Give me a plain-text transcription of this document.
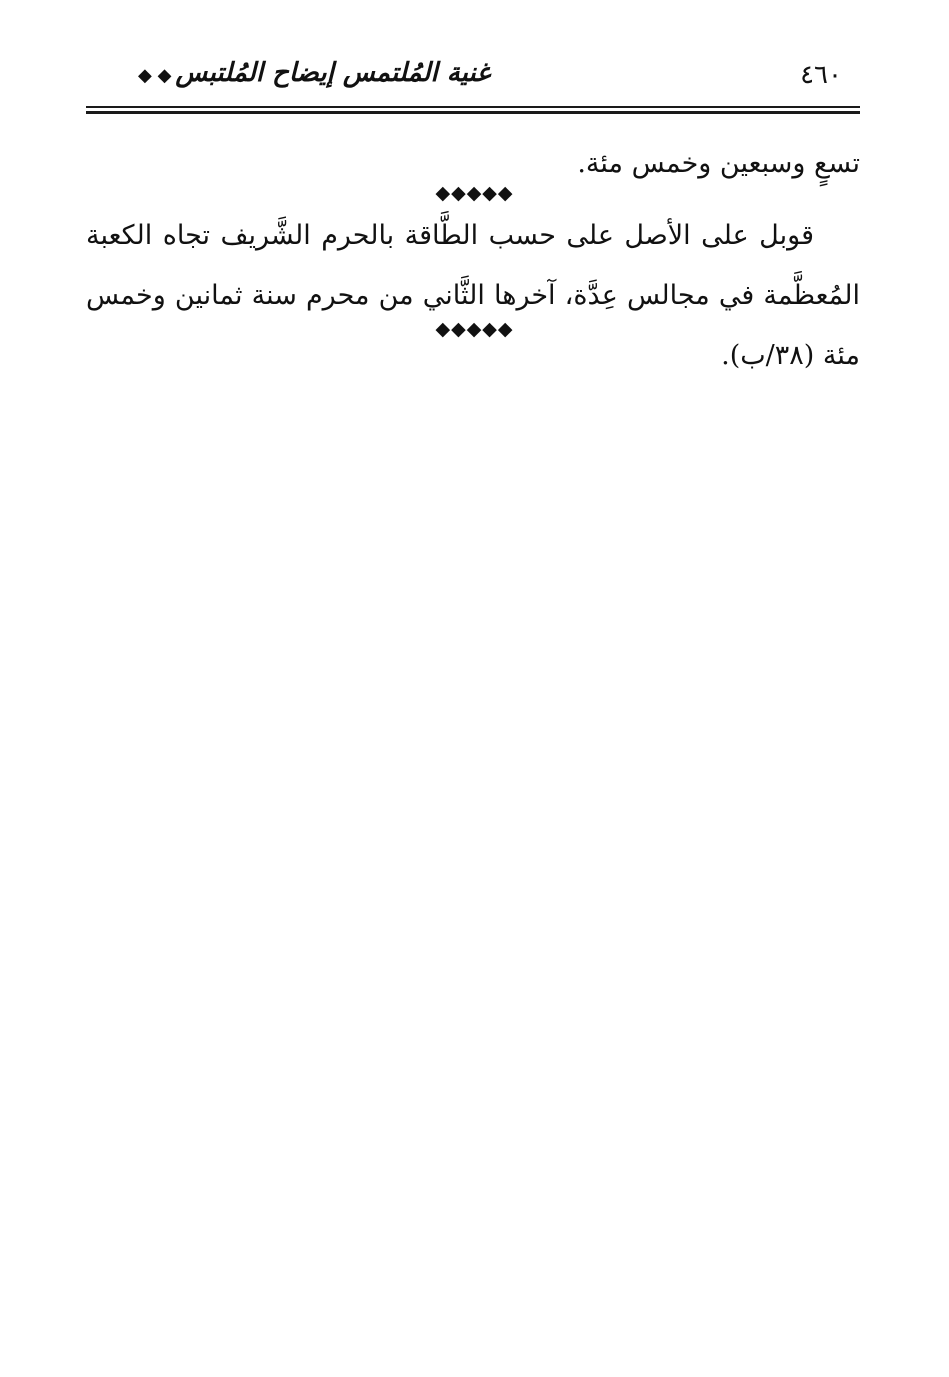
٤٦٠
غنية المُلتمس إيضاح المُلتبس◆ ◆
تسعٍ وسبعين وخمس مئة.
◆◆◆◆◆
قوبل على الأصل على حسب الطَّاقة بالحرم الشَّريف تجاه الكعبة المُعظَّمة في مجالس عِدَّة، آخرها الثَّاني من محرم سنة ثمانين وخمس مئة (٣٨/ب).
◆◆◆◆◆
